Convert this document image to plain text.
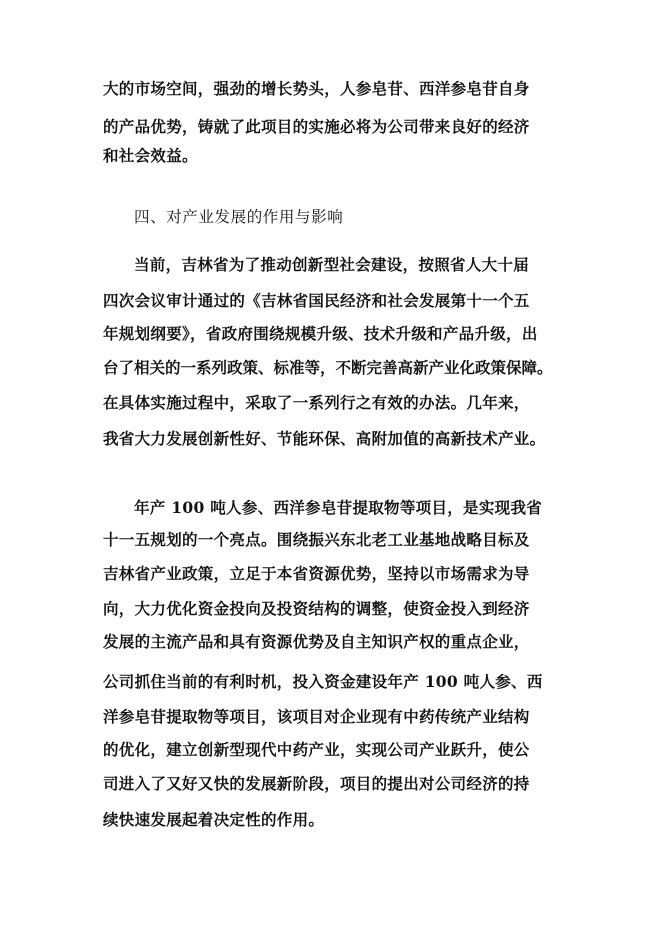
大的市场空间，强劲的增长势头，人参皂苷、西洋参皂苷自身
的产品优势，铸就了此项目的实施必将为公司带来良好的经济
和社会效益。
四、对产业发展的作用与影响
当前，吉林省为了推动创新型社会建设，按照省人大十届
四次会议审计通过的《吉林省国民经济和社会发展第十一个五
年规划纲要》，省政府围绕规模升级、技术升级和产品升级，出
台了相关的一系列政策、标准等，不断完善高新产业化政策保障。
在具体实施过程中，采取了一系列行之有效的办法。几年来，
我省大力发展创新性好、节能环保、高附加值的高新技术产业。
年产 100 吨人参、西洋参皂苷提取物等项目，是实现我省
十一五规划的一个亮点。围绕振兴东北老工业基地战略目标及
吉林省产业政策，立足于本省资源优势，坚持以市场需求为导
向，大力优化资金投向及投资结构的调整，使资金投入到经济
发展的主流产品和具有资源优势及自主知识产权的重点企业，
公司抓住当前的有利时机，投入资金建设年产 100 吨人参、西
洋参皂苷提取物等项目，该项目对企业现有中药传统产业结构
的优化，建立创新型现代中药产业，实现公司产业跃升，使公
司进入了又好又快的发展新阶段，项目的提出对公司经济的持
续快速发展起着决定性的作用。
